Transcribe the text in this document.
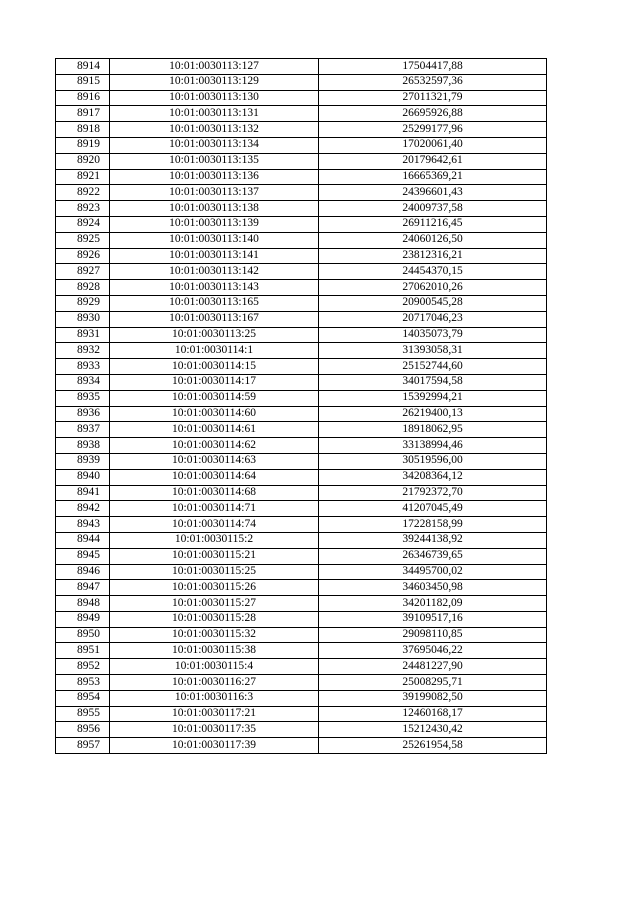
8914	10:01:0030113:127	17504417,88
8915	10:01:0030113:129	26532597,36
8916	10:01:0030113:130	27011321,79
8917	10:01:0030113:131	26695926,88
8918	10:01:0030113:132	25299177,96
8919	10:01:0030113:134	17020061,40
8920	10:01:0030113:135	20179642,61
8921	10:01:0030113:136	16665369,21
8922	10:01:0030113:137	24396601,43
8923	10:01:0030113:138	24009737,58
8924	10:01:0030113:139	26911216,45
8925	10:01:0030113:140	24060126,50
8926	10:01:0030113:141	23812316,21
8927	10:01:0030113:142	24454370,15
8928	10:01:0030113:143	27062010,26
8929	10:01:0030113:165	20900545,28
8930	10:01:0030113:167	20717046,23
8931	10:01:0030113:25	14035073,79
8932	10:01:0030114:1	31393058,31
8933	10:01:0030114:15	25152744,60
8934	10:01:0030114:17	34017594,58
8935	10:01:0030114:59	15392994,21
8936	10:01:0030114:60	26219400,13
8937	10:01:0030114:61	18918062,95
8938	10:01:0030114:62	33138994,46
8939	10:01:0030114:63	30519596,00
8940	10:01:0030114:64	34208364,12
8941	10:01:0030114:68	21792372,70
8942	10:01:0030114:71	41207045,49
8943	10:01:0030114:74	17228158,99
8944	10:01:0030115:2	39244138,92
8945	10:01:0030115:21	26346739,65
8946	10:01:0030115:25	34495700,02
8947	10:01:0030115:26	34603450,98
8948	10:01:0030115:27	34201182,09
8949	10:01:0030115:28	39109517,16
8950	10:01:0030115:32	29098110,85
8951	10:01:0030115:38	37695046,22
8952	10:01:0030115:4	24481227,90
8953	10:01:0030116:27	25008295,71
8954	10:01:0030116:3	39199082,50
8955	10:01:0030117:21	12460168,17
8956	10:01:0030117:35	15212430,42
8957	10:01:0030117:39	25261954,58
